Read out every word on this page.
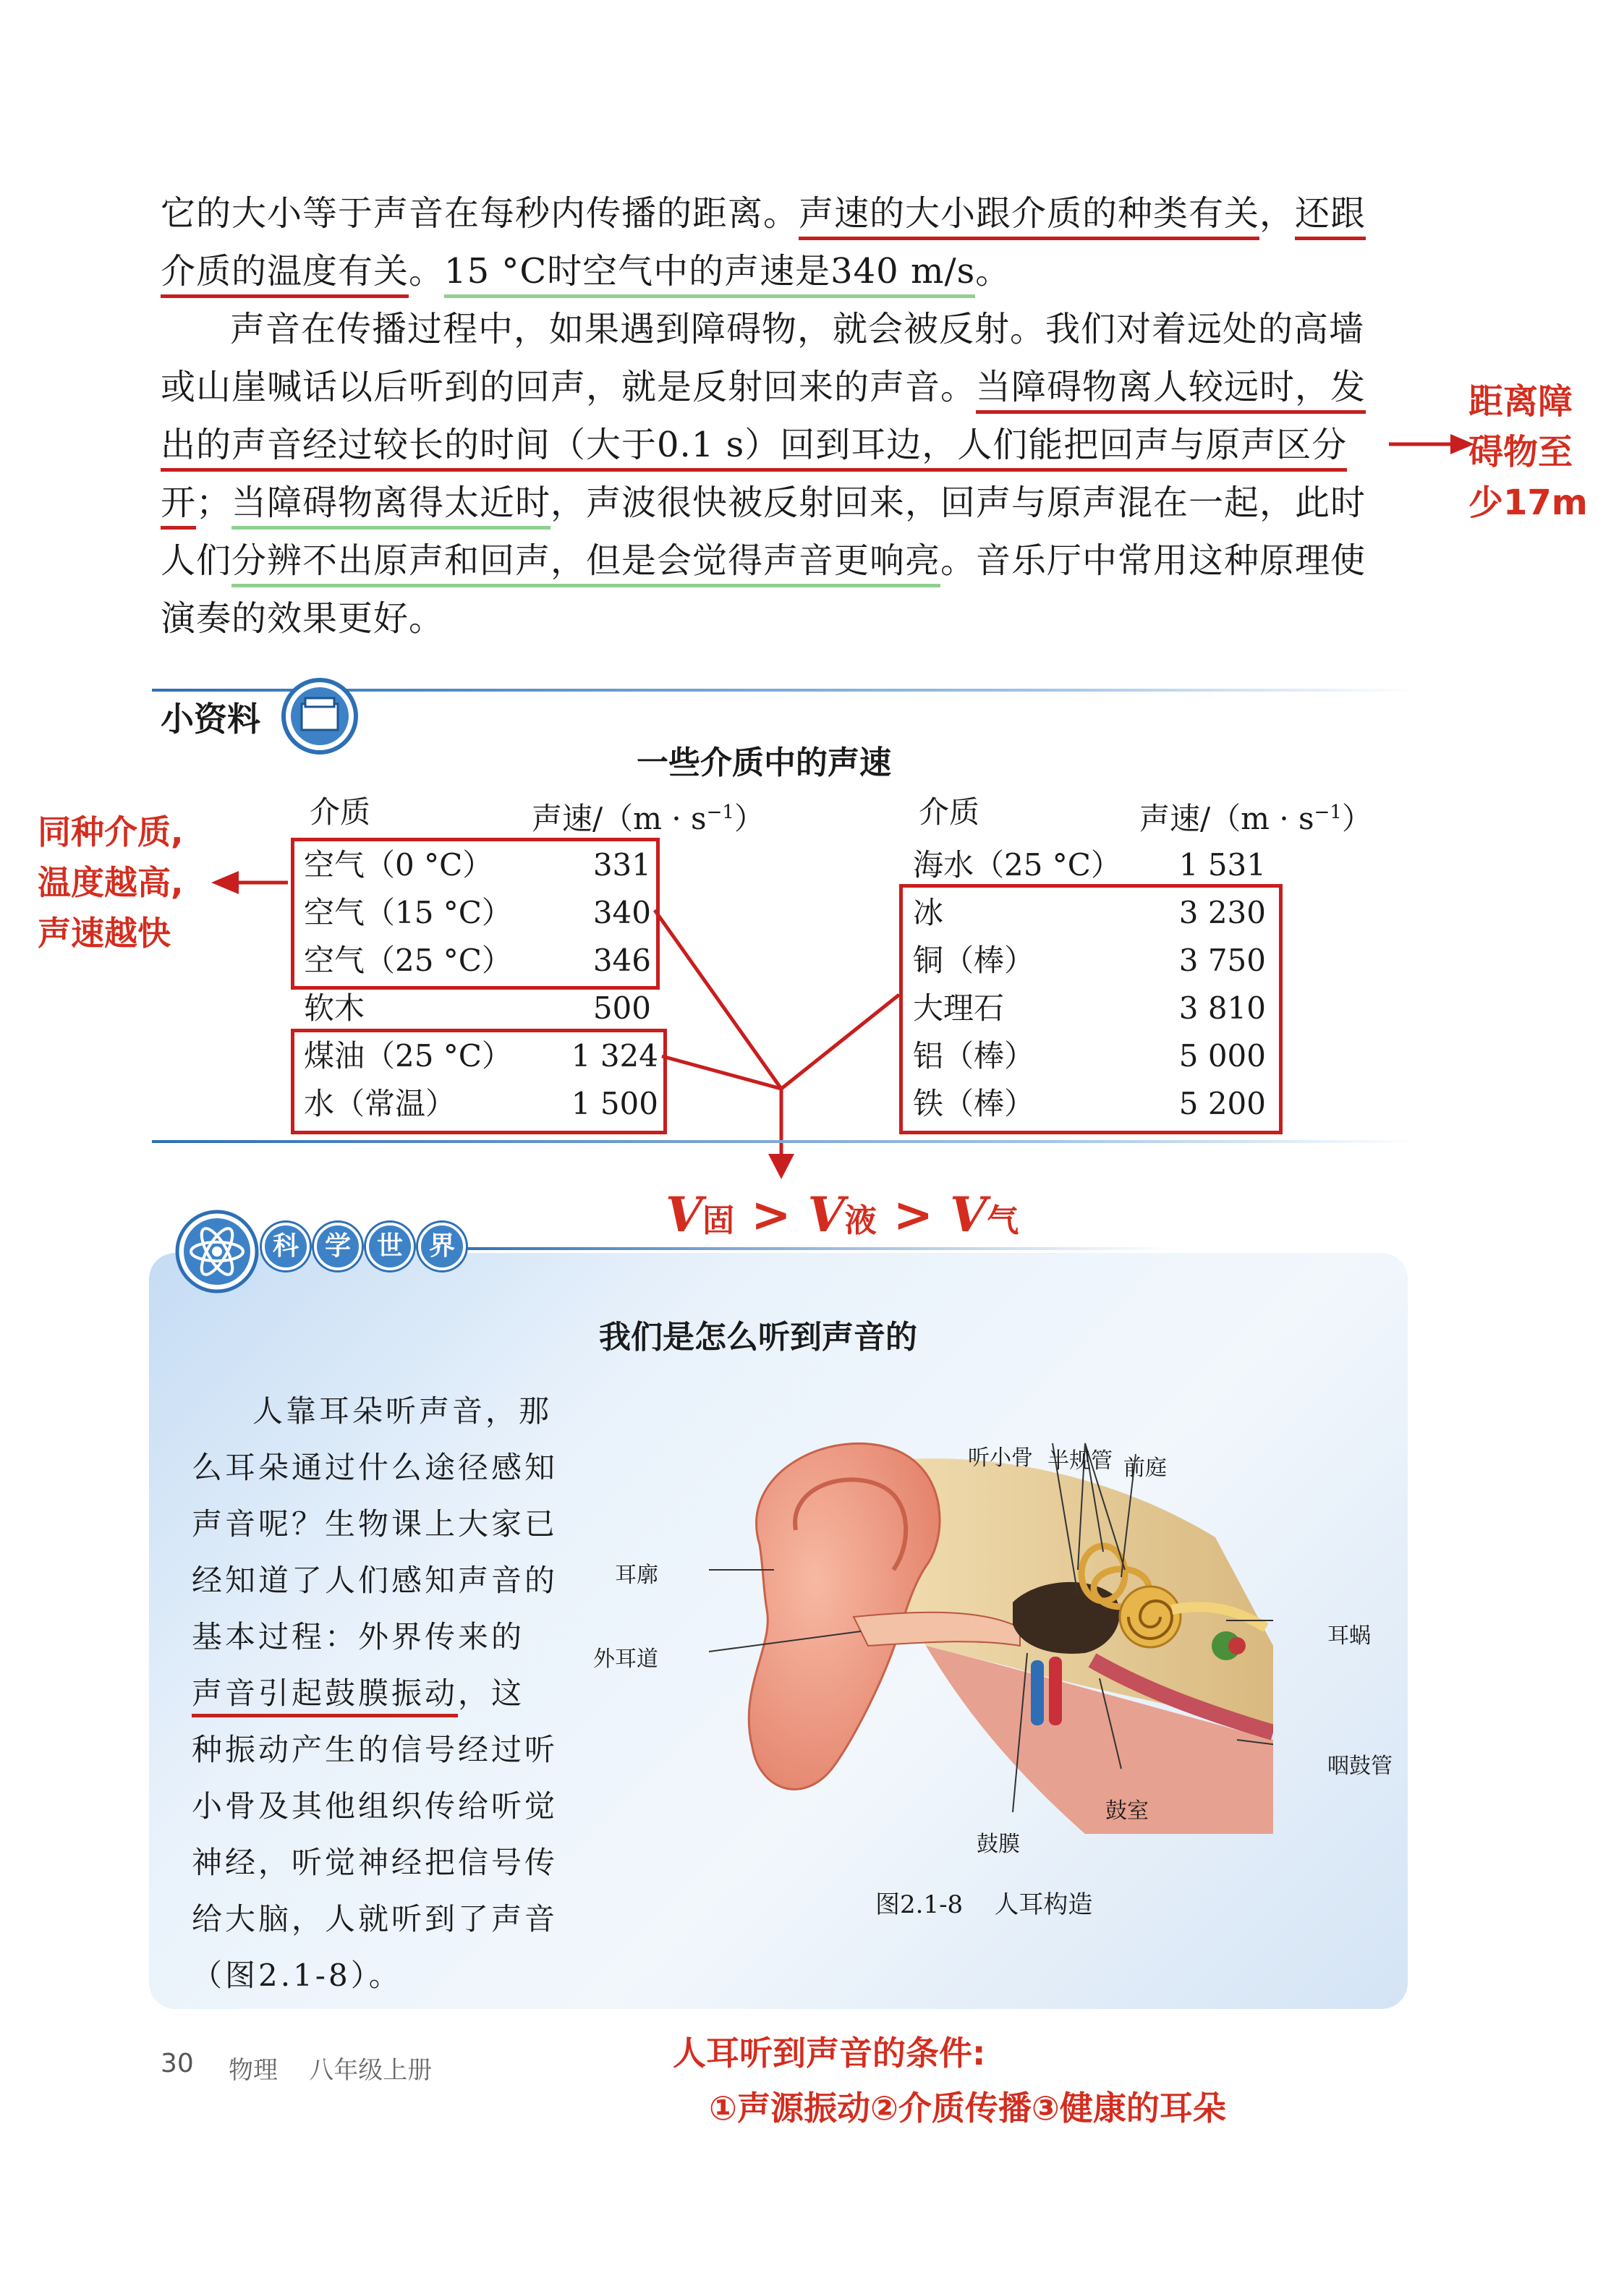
它的大小等于声音在每秒内传播的距离。声速的大小跟介质的种类有关，还跟
介质的温度有关。15 °C时空气中的声速是340 m/s。
声音在传播过程中，如果遇到障碍物，就会被反射。我们对着远处的高墙
或山崖喊话以后听到的回声，就是反射回来的声音。当障碍物离人较远时，发
出的声音经过较长的时间（大于0.1 s）回到耳边，人们能把回声与原声区分
开；当障碍物离得太近时，声波很快被反射回来，回声与原声混在一起，此时
人们分辨不出原声和回声，但是会觉得声音更响亮。音乐厅中常用这种原理使
演奏的效果更好。
距离障
碍物至
少17m
小资料
一些介质中的声速
介质	声速$/(m \cdot s^{-1})$	介质	声速$/(m \cdot s^{-1})$
空气（0 °C）	331
空气（15 °C）	340
空气（25 °C）	346
软木	500
煤油（25 °C） 1 324
水（常温）	1 500
海水（25 °C）	1 531
冰	3 230
铜（棒）	3 750
大理石	3 810
铝（棒）	5 000
铁（棒）	5 200
同种介质,
温度越高,
声速越快
V固 > V液 > V气
科 学 世 界
我们是怎么听到声音的
人靠耳朵听声音，那
么耳朵通过什么途径感知
声音呢？生物课上大家已
经知道了人们感知声音的
基本过程：外界传来的
声音引起鼓膜振动，这
种振动产生的信号经过听
小骨及其他组织传给听觉
神经，听觉神经把信号传
给大脑，人就听到了声音
（图2.1-8）。
听小骨 半规管 前庭
耳廓
外耳道
耳蜗
咽鼓管
鼓室
鼓膜
图2.1-8    人耳构造
30 物理    八年级上册	人耳听到声音的条件:
①声源振动②介质传播③健康的耳朵
